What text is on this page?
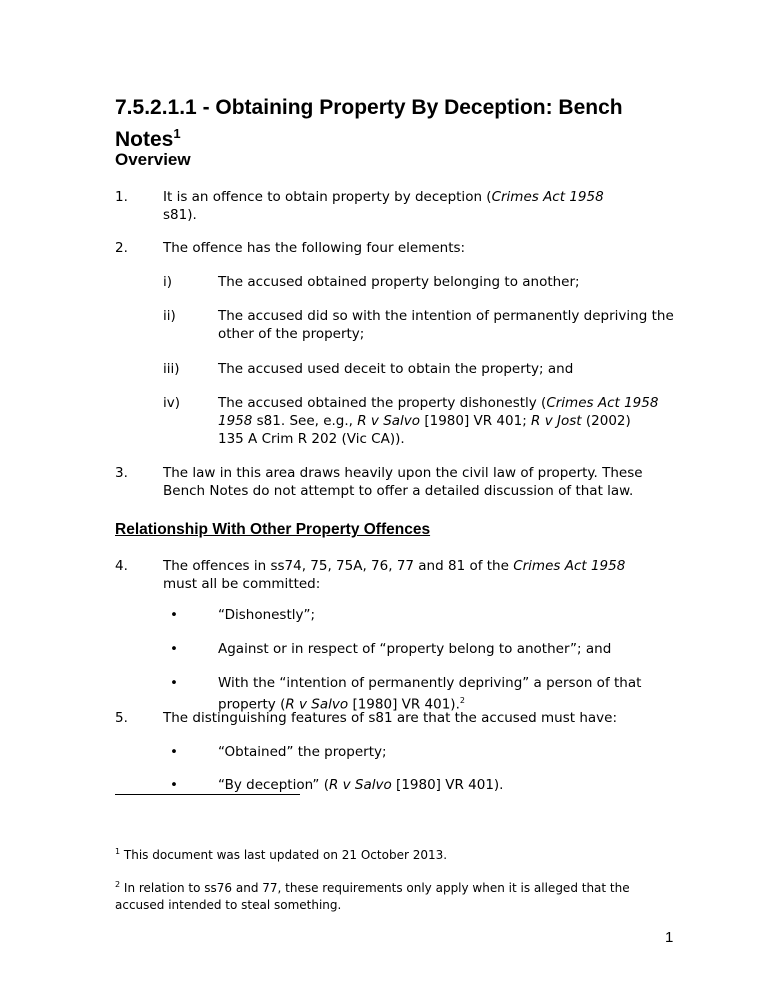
7.5.2.1.1 - Obtaining Property By Deception: Bench Notes$^1$
Overview
1.	It is an offence to obtain property by deception (Crimes Act 1958
s81).
2.	The offence has the following four elements:
i)	The accused obtained property belonging to another;
ii)	The accused did so with the intention of permanently depriving the other of the property;
iii)	The accused used deceit to obtain the property; and
iv)	The accused obtained the property dishonestly (Crimes Act 1958
1958 s81. See, e.g., R v Salvo [1980] VR 401; R v Jost (2002)
135 A Crim R 202 (Vic CA)).
3.	The law in this area draws heavily upon the civil law of property. These Bench Notes do not attempt to offer a detailed discussion of that law.
Relationship With Other Property Offences
4.	The offences in ss74, 75, 75A, 76, 77 and 81 of the Crimes Act 1958
must all be committed:
•	“Dishonestly”;
•	Against or in respect of “property belong to another”; and
•	With the “intention of permanently depriving” a person of that property (R v Salvo [1980] VR 401).$^2$
5.	The distinguishing features of s81 are that the accused must have:
•	“Obtained” the property;
•	“By deception” (R v Salvo [1980] VR 401).
$^1$ This document was last updated on 21 October 2013.
$^2$ In relation to ss76 and 77, these requirements only apply when it is alleged that the accused intended to steal something.
1
